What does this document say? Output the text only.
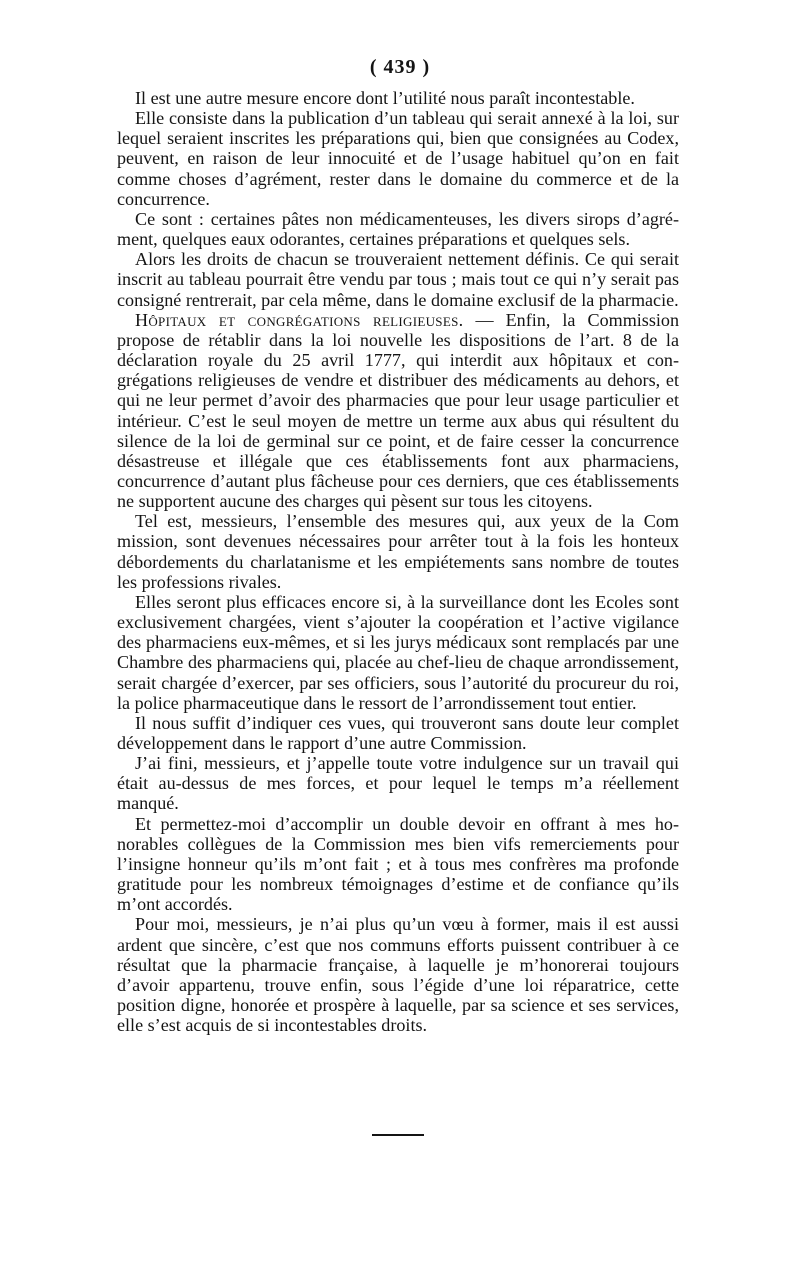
( 439 )

Il est une autre mesure encore dont l’utilité nous paraît incontestable.

Elle consiste dans la publication d’un tableau qui serait annexé à la loi, sur lequel seraient inscrites les préparations qui, bien que consignées au Codex, peuvent, en raison de leur innocuité et de l’usage habituel qu’on en fait comme choses d’agrément, rester dans le domaine du commerce et de la concurrence.

Ce sont : certaines pâtes non médicamenteuses, les divers sirops d’agrément, quelques eaux odorantes, certaines préparations et quelques sels.

Alors les droits de chacun se trouveraient nettement définis. Ce qui serait inscrit au tableau pourrait être vendu par tous ; mais tout ce qui n’y serait pas consigné rentrerait, par cela même, dans le domaine exclusif de la pharmacie.

Hôpitaux et congrégations religieuses. — Enfin, la Commission propose de rétablir dans la loi nouvelle les dispositions de l’art. 8 de la déclaration royale du 25 avril 1777, qui interdit aux hôpitaux et congrégations religieuses de vendre et distribuer des médicaments au dehors, et qui ne leur permet d’avoir des pharmacies que pour leur usage particulier et intérieur. C’est le seul moyen de mettre un terme aux abus qui résultent du silence de la loi de germinal sur ce point, et de faire cesser la concurrence désastreuse et illégale que ces établissements font aux pharmaciens, concurrence d’autant plus fâcheuse pour ces derniers, que ces établissements ne supportent aucune des charges qui pèsent sur tous les citoyens.

Tel est, messieurs, l’ensemble des mesures qui, aux yeux de la Com mission, sont devenues nécessaires pour arrêter tout à la fois les honteux débordements du charlatanisme et les empiétements sans nombre de toutes les professions rivales.

Elles seront plus efficaces encore si, à la surveillance dont les Ecoles sont exclusivement chargées, vient s’ajouter la coopération et l’active vigilance des pharmaciens eux-mêmes, et si les jurys médicaux sont remplacés par une Chambre des pharmaciens qui, placée au chef-lieu de chaque arrondissement, serait chargée d’exercer, par ses officiers, sous l’autorité du procureur du roi, la police pharmaceutique dans le ressort de l’arrondissement tout entier.

Il nous suffit d’indiquer ces vues, qui trouveront sans doute leur complet développement dans le rapport d’une autre Commission.

J’ai fini, messieurs, et j’appelle toute votre indulgence sur un travail qui était au-dessus de mes forces, et pour lequel le temps m’a réellement manqué.

Et permettez-moi d’accomplir un double devoir en offrant à mes honorables collègues de la Commission mes bien vifs remerciements pour l’insigne honneur qu’ils m’ont fait ; et à tous mes confrères ma profonde gratitude pour les nombreux témoignages d’estime et de confiance qu’ils m’ont accordés.

Pour moi, messieurs, je n’ai plus qu’un vœu à former, mais il est aussi ardent que sincère, c’est que nos communs efforts puissent contribuer à ce résultat que la pharmacie française, à laquelle je m’honorerai toujours d’avoir appartenu, trouve enfin, sous l’égide d’une loi réparatrice, cette position digne, honorée et prospère à laquelle, par sa science et ses services, elle s’est acquis de si incontestables droits.
